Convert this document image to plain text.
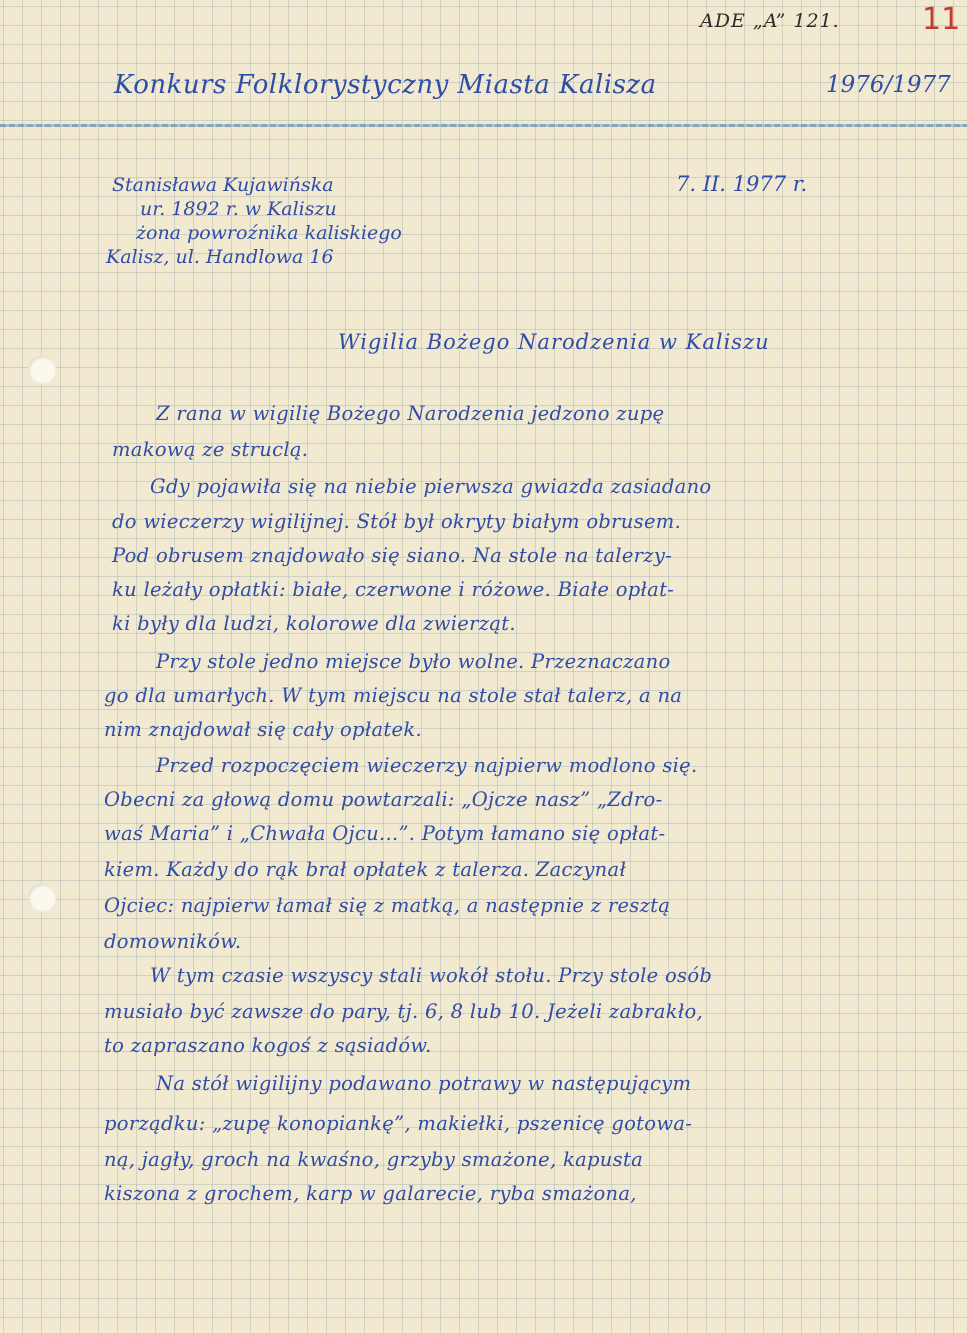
ADE „A” 121.	11
Konkurs Folklorystyczny Miasta Kalisza	1976/1977
Stanisława Kujawińska
ur. 1892 r. w Kaliszu
żona powroźnika kaliskiego
Kalisz, ul. Handlowa 16
7. II. 1977 r.
Wigilia Bożego Narodzenia w Kaliszu
Z rana w wigilię Bożego Narodzenia jedzono zupę
makową ze struclą.
Gdy pojawiła się na niebie pierwsza gwiazda zasiadano
do wieczerzy wigilijnej. Stół był okryty białym obrusem.
Pod obrusem znajdowało się siano. Na stole na talerzy-
ku leżały opłatki: białe, czerwone i różowe. Białe opłat-
ki były dla ludzi, kolorowe dla zwierząt.
Przy stole jedno miejsce było wolne. Przeznaczano
go dla umarłych. W tym miejscu na stole stał talerz, a na
nim znajdował się cały opłatek.
Przed rozpoczęciem wieczerzy najpierw modlono się.
Obecni za głową domu powtarzali: „Ojcze nasz” „Zdro-
waś Maria” i „Chwała Ojcu...”. Potym łamano się opłat-
kiem. Każdy do rąk brał opłatek z talerza. Zaczynał
Ojciec: najpierw łamał się z matką, a następnie z resztą
domowników.
W tym czasie wszyscy stali wokół stołu. Przy stole osób
musiało być zawsze do pary, tj. 6, 8 lub 10. Jeżeli zabrakło,
to zapraszano kogoś z sąsiadów.
Na stół wigilijny podawano potrawy w następującym
porządku: „zupę konopiankę”, makiełki, pszenicę gotowa-
ną, jagły, groch na kwaśno, grzyby smażone, kapusta
kiszona z grochem, karp w galarecie, ryba smażona,
